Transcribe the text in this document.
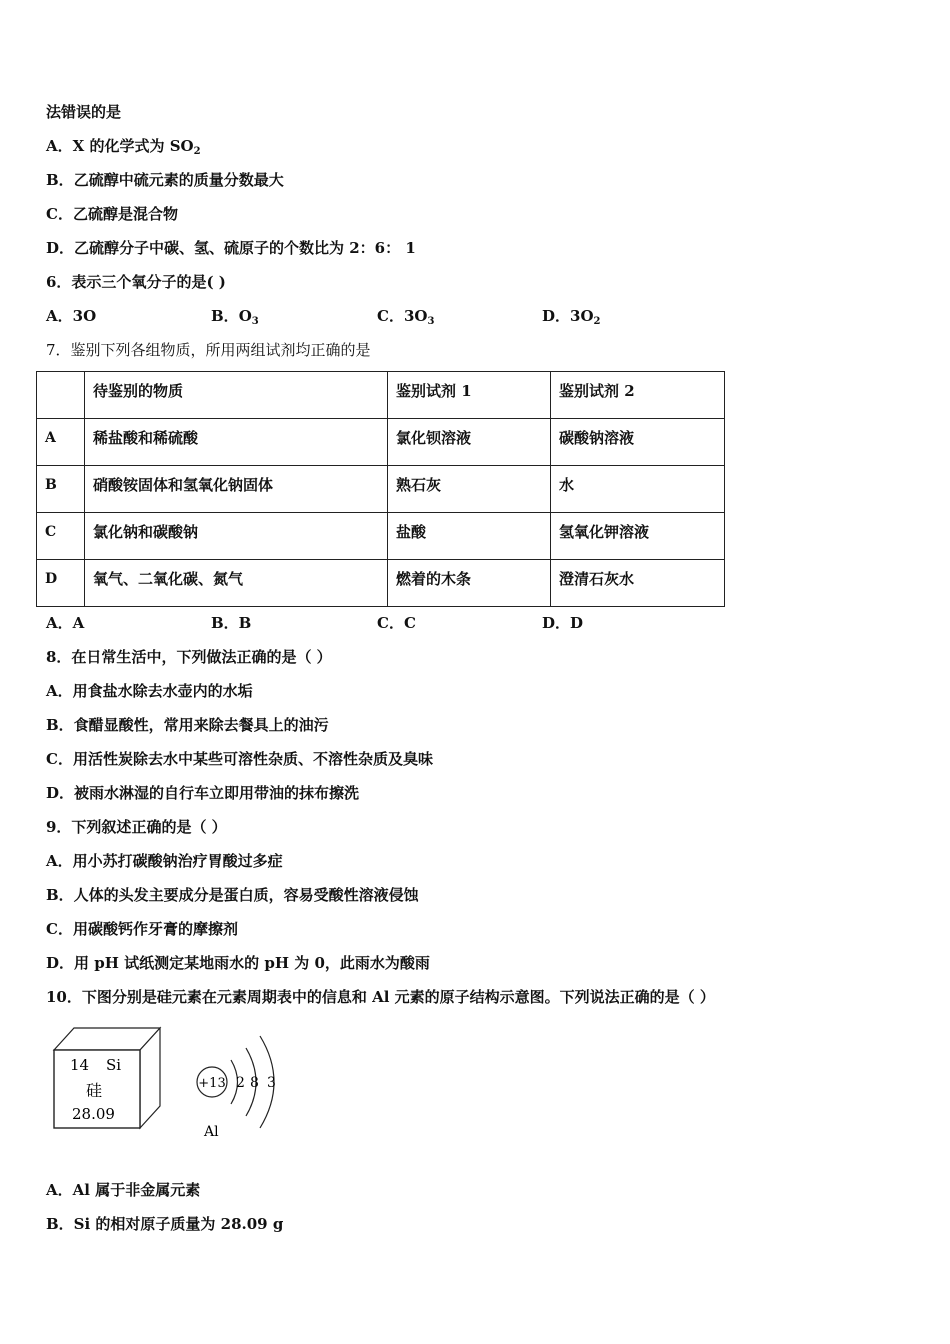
法错误的是
A．X 的化学式为 $SO_2$
B．乙硫醇中硫元素的质量分数最大
C．乙硫醇是混合物
D．乙硫醇分子中碳、氢、硫原子的个数比为 2：6： 1
6．表示三个氧分子的是( )
A．3O	B．$O_3$	C．$3O_3$	D．$3O_2$
7．鉴别下列各组物质，所用两组试剂均正确的是
	待鉴别的物质	鉴别试剂 1	鉴别试剂 2
A	稀盐酸和稀硫酸	氯化钡溶液	碳酸钠溶液
B	硝酸铵固体和氢氧化钠固体	熟石灰	水
C	氯化钠和碳酸钠	盐酸	氢氧化钾溶液
D	氧气、二氧化碳、氮气	燃着的木条	澄清石灰水
A．A	B．B	C．C	D．D
8．在日常生活中，下列做法正确的是（ ）
A．用食盐水除去水壶内的水垢
B．食醋显酸性，常用来除去餐具上的油污
C．用活性炭除去水中某些可溶性杂质、不溶性杂质及臭味
D．被雨水淋湿的自行车立即用带油的抹布擦洗
9．下列叙述正确的是（ ）
A．用小苏打碳酸钠治疗胃酸过多症
B．人体的头发主要成分是蛋白质，容易受酸性溶液侵蚀
C．用碳酸钙作牙膏的摩擦剂
D．用 pH 试纸测定某地雨水的 pH 为 0，此雨水为酸雨
10．下图分别是硅元素在元素周期表中的信息和 Al 元素的原子结构示意图。下列说法正确的是（ ）
14 Si
硅
28.09
+13 2 8 3
Al
A．Al 属于非金属元素
B．Si 的相对原子质量为 28.09 g
